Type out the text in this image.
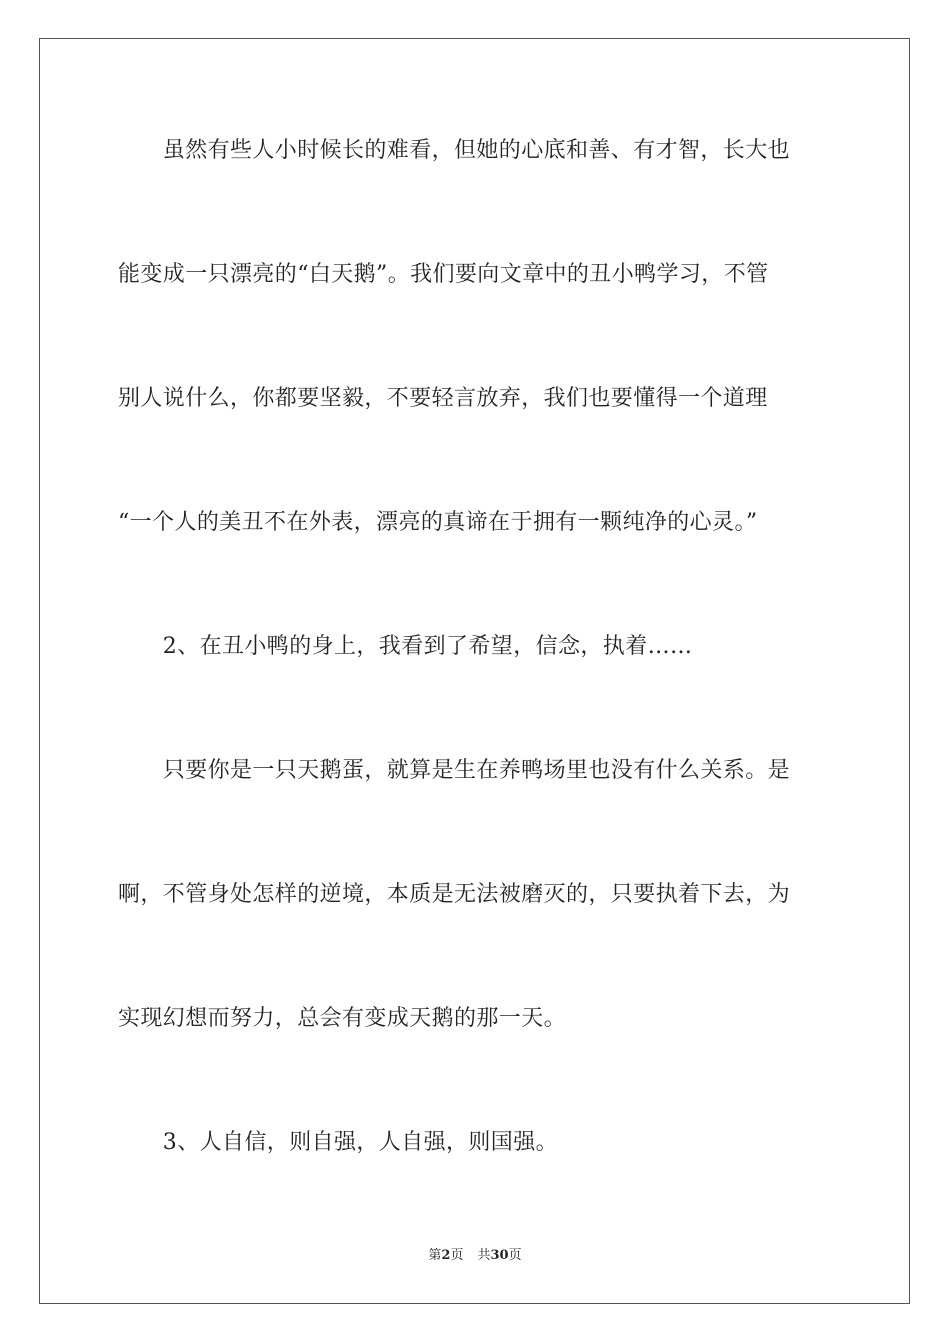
　　虽然有些人小时候长的难看，但她的心底和善、有才智，长大也
能变成一只漂亮的“白天鹅”。我们要向文章中的丑小鸭学习，不管
别人说什么，你都要坚毅，不要轻言放弃，我们也要懂得一个道理
“一个人的美丑不在外表，漂亮的真谛在于拥有一颗纯净的心灵。”
　　2、在丑小鸭的身上，我看到了希望，信念，执着……
　　只要你是一只天鹅蛋，就算是生在养鸭场里也没有什么关系。是
啊，不管身处怎样的逆境，本质是无法被磨灭的，只要执着下去，为
实现幻想而努力，总会有变成天鹅的那一天。
　　3、人自信，则自强，人自强，则国强。
第2页 共30页
